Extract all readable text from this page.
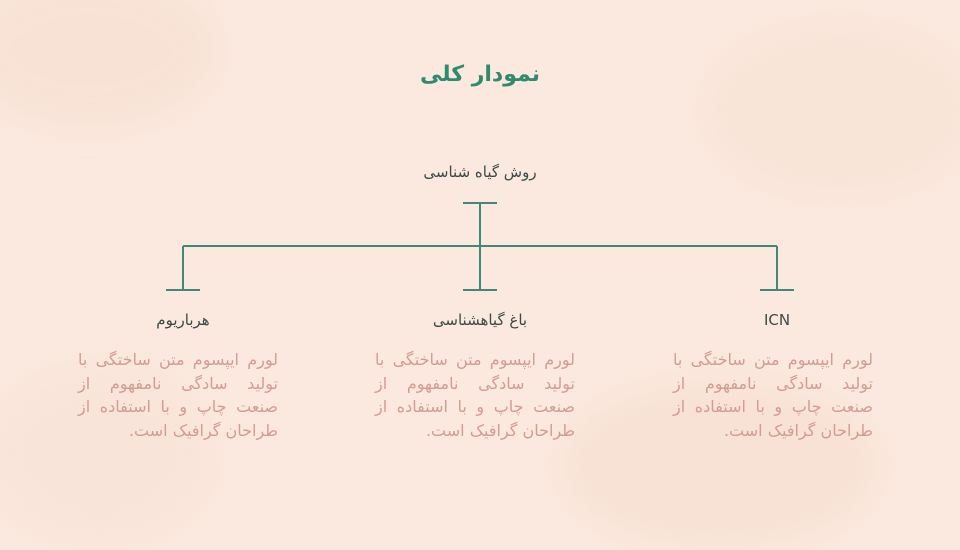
نمودار کلی
روش گیاه شناسی
هرباریوم	باغ گیاهشناسی	ICN
لورم ایپسوم متن ساختگی با تولید سادگی نامفهوم از صنعت چاپ و با استفاده از طراحان گرافیک است.
لورم ایپسوم متن ساختگی با تولید سادگی نامفهوم از صنعت چاپ و با استفاده از طراحان گرافیک است.
لورم ایپسوم متن ساختگی با تولید سادگی نامفهوم از صنعت چاپ و با استفاده از طراحان گرافیک است.
